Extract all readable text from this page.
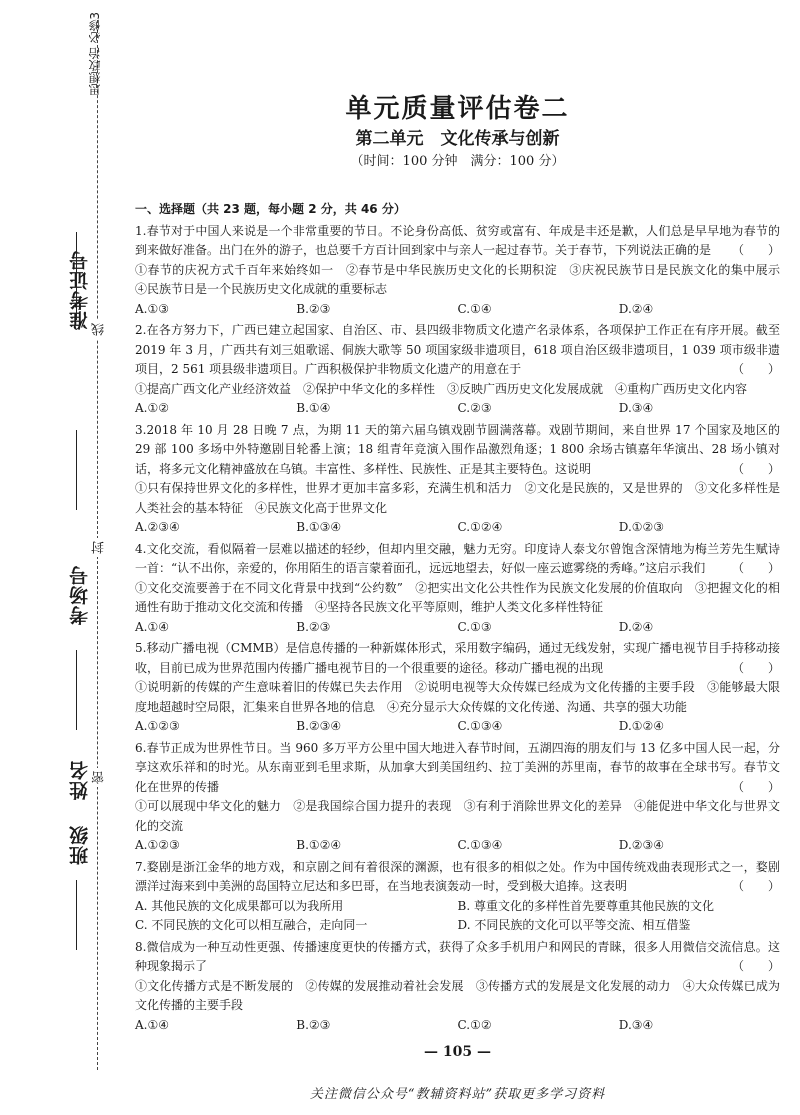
思想政治 必修3
线
封
密
准考证号
考场号
姓名
班级
单元质量评估卷二
第二单元　文化传承与创新
（时间：100 分钟　满分：100 分）
一、选择题（共 23 题，每小题 2 分，共 46 分）
1.春节对于中国人来说是一个非常重要的节日。不论身份高低、贫穷或富有、年成是丰还是歉，人们总是早早地为春节的到来做好准备。出门在外的游子，也总要千方百计回到家中与亲人一起过春节。关于春节，下列说法正确的是 （　　）
①春节的庆祝方式千百年来始终如一　②春节是中华民族历史文化的长期积淀　③庆祝民族节日是民族文化的集中展示　④民族节日是一个民族历史文化成就的重要标志
A.①③	B.②③	C.①④	D.②④
2.在各方努力下，广西已建立起国家、自治区、市、县四级非物质文化遗产名录体系，各项保护工作正在有序开展。截至 2019 年 3 月，广西共有刘三姐歌谣、侗族大歌等 50 项国家级非遗项目，618 项自治区级非遗项目，1 039 项市级非遗项目，2 561 项县级非遗项目。广西积极保护非物质文化遗产的用意在于	（　　）
①提高广西文化产业经济效益　②保护中华文化的多样性　③反映广西历史文化发展成就　④重构广西历史文化内容
A.①②	B.①④	C.②③	D.③④
3.2018 年 10 月 28 日晚 7 点，为期 11 天的第六届乌镇戏剧节圆满落幕。戏剧节期间，来自世界 17 个国家及地区的 29 部 100 多场中外特邀剧目轮番上演；18 组青年竞演入围作品激烈角逐；1 800 余场古镇嘉年华演出、28 场小镇对话，将多元文化精神盛放在乌镇。丰富性、多样性、民族性、正是其主要特色。这说明	（　　）
①只有保持世界文化的多样性，世界才更加丰富多彩，充满生机和活力　②文化是民族的，又是世界的　③文化多样性是人类社会的基本特征　④民族文化高于世界文化
A.②③④	B.①③④	C.①②④	D.①②③
4.文化交流，看似隔着一层难以描述的轻纱，但却内里交融，魅力无穷。印度诗人泰戈尔曾饱含深情地为梅兰芳先生赋诗一首：“认不出你，亲爱的，你用陌生的语言蒙着面孔，远远地望去，好似一座云遮雾绕的秀峰。”这启示我们 （　　）
①文化交流要善于在不同文化背景中找到“公约数”　②把实出文化公共性作为民族文化发展的价值取向　③把握文化的相通性有助于推动文化交流和传播　④坚持各民族文化平等原则，维护人类文化多样性特征
A.①④	B.②③	C.①③	D.②④
5.移动广播电视（CMMB）是信息传播的一种新媒体形式，采用数字编码，通过无线发射，实现广播电视节目手持移动接收，目前已成为世界范围内传播广播电视节目的一个很重要的途径。移动广播电视的出现	（　　）
①说明新的传媒的产生意味着旧的传媒已失去作用　②说明电视等大众传媒已经成为文化传播的主要手段　③能够最大限度地超越时空局限，汇集来自世界各地的信息　④充分显示大众传媒的文化传递、沟通、共享的强大功能
A.①②③	B.②③④	C.①③④	D.①②④
6.春节正成为世界性节日。当 960 多万平方公里中国大地进入春节时间，五湖四海的朋友们与 13 亿多中国人民一起，分享这欢乐祥和的时光。从东南亚到毛里求斯，从加拿大到美国纽约、拉丁美洲的苏里南，春节的故事在全球书写。春节文化在世界的传播	（　　）
①可以展现中华文化的魅力　②是我国综合国力提升的表现　③有利于消除世界文化的差异　④能促进中华文化与世界文化的交流
A.①②③	B.①②④	C.①③④	D.②③④
7.婺剧是浙江金华的地方戏，和京剧之间有着很深的渊源，也有很多的相似之处。作为中国传统戏曲表现形式之一，婺剧漂洋过海来到中美洲的岛国特立尼达和多巴哥，在当地表演轰动一时，受到极大追捧。这表明	（　　）
A. 其他民族的文化成果都可以为我所用	B. 尊重文化的多样性首先要尊重其他民族的文化
C. 不同民族的文化可以相互融合，走向同一	D. 不同民族的文化可以平等交流、相互借鉴
8.微信成为一种互动性更强、传播速度更快的传播方式，获得了众多手机用户和网民的青睐，很多人用微信交流信息。这种现象揭示了	（　　）
①文化传播方式是不断发展的　②传媒的发展推动着社会发展　③传播方式的发展是文化发展的动力　④大众传媒已成为文化传播的主要手段
A.①④	B.②③	C.①②	D.③④
— 105 —
关注微信公众号“教辅资料站”获取更多学习资料
